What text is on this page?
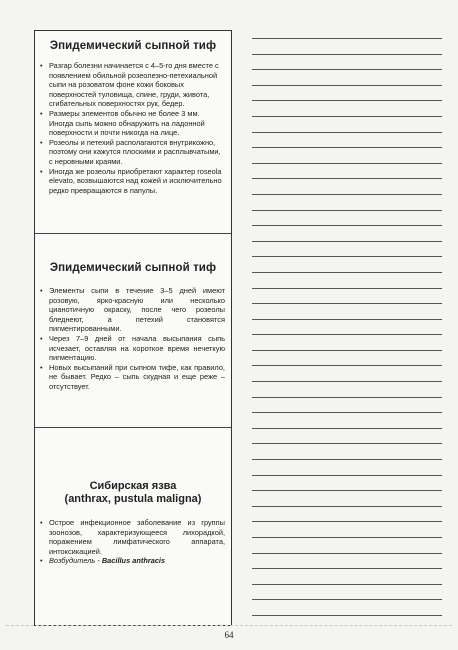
Эпидемический сыпной тиф
• Разгар болезни начинается с 4–5-го дня вместе с появлением обильной розеолезно-петехиальной сыпи на розоватом фоне кожи боковых поверхностей туловища, спине, груди, живота, сгибательных поверхностях рук, бедер.
• Размеры элементов обычно не более 3 мм. Иногда сыпь можно обнаружить на ладонной поверхности и почти никогда на лице.
• Розеолы и петехий располагаются внутрикожно, поэтому они кажутся плоскими и расплывчатыми, с неровными краями.
• Иногда же розеолы приобретают характер roseola elevato, возвышаются над кожей и исключительно редко превращаются в папулы.
Эпидемический сыпной тиф
• Элементы сыпи в течение 3–5 дней имеют розовую, ярко-красную или несколько цианотичную окраску, после чего розеолы бледнеют, а петехий становятся пигментированными.
• Через 7–9 дней от начала высыпания сыпь исчезает, оставляя на короткое время нечеткую пигментацию.
• Новых высыпаний при сыпном тифе, как правило, не бывает. Редко – сыпь скудная и еще реже – отсутствует.
Сибирская язва
(anthrax, pustula maligna)
• Острое инфекционное заболевание из группы зоонозов, характеризующееся лихорадкой, поражением лимфатического аппарата, интоксикацией.
• Возбудитель - Bacillus anthracis
64
